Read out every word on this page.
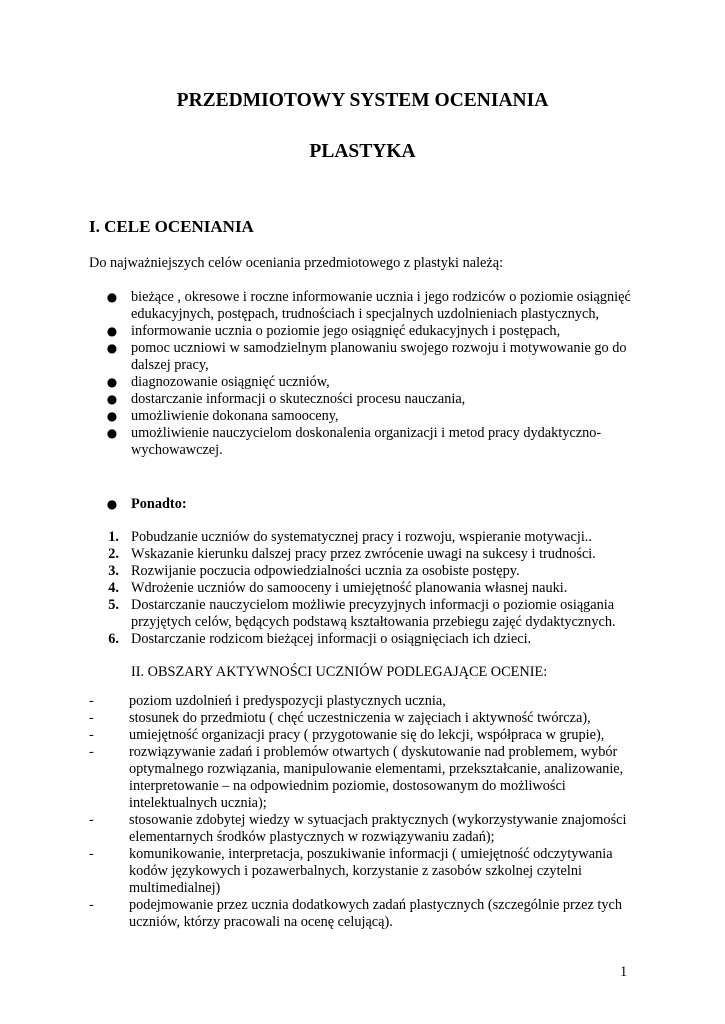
PRZEDMIOTOWY SYSTEM OCENIANIA
PLASTYKA
I. CELE OCENIANIA
Do najważniejszych celów oceniania przedmiotowego z plastyki należą:
● bieżące , okresowe i roczne informowanie ucznia i jego rodziców o poziomie osiągnięć edukacyjnych, postępach, trudnościach i specjalnych uzdolnieniach plastycznych,
● informowanie ucznia o poziomie jego osiągnięć edukacyjnych i postępach,
● pomoc uczniowi w samodzielnym planowaniu swojego rozwoju i motywowanie go do dalszej pracy,
● diagnozowanie osiągnięć uczniów,
● dostarczanie informacji o skuteczności procesu nauczania,
● umożliwienie dokonana samooceny,
● umożliwienie nauczycielom doskonalenia organizacji i metod pracy dydaktyczno-wychowawczej.
● Ponadto:
1. Pobudzanie uczniów do systematycznej pracy i rozwoju, wspieranie motywacji..
2. Wskazanie kierunku dalszej pracy przez zwrócenie uwagi na sukcesy i trudności.
3. Rozwijanie poczucia odpowiedzialności ucznia za osobiste postępy.
4. Wdrożenie uczniów do samooceny i umiejętność planowania własnej nauki.
5. Dostarczanie nauczycielom możliwie precyzyjnych informacji o poziomie osiągania przyjętych celów, będących podstawą kształtowania przebiegu zajęć dydaktycznych.
6. Dostarczanie rodzicom bieżącej informacji o osiągnięciach ich dzieci.
II. OBSZARY AKTYWNOŚCI UCZNIÓW PODLEGAJĄCE OCENIE:
- poziom uzdolnień i predyspozycji plastycznych ucznia,
- stosunek do przedmiotu ( chęć uczestniczenia w zajęciach i aktywność twórcza),
- umiejętność organizacji pracy ( przygotowanie się do lekcji, współpraca w grupie),
- rozwiązywanie zadań i problemów otwartych ( dyskutowanie nad problemem, wybór optymalnego rozwiązania, manipulowanie elementami, przekształcanie, analizowanie, interpretowanie – na odpowiednim poziomie, dostosowanym do możliwości intelektualnych ucznia);
- stosowanie zdobytej wiedzy w sytuacjach praktycznych (wykorzystywanie znajomości elementarnych środków plastycznych w rozwiązywaniu zadań);
- komunikowanie, interpretacja, poszukiwanie informacji ( umiejętność odczytywania kodów językowych i pozawerbalnych, korzystanie z zasobów szkolnej czytelni multimedialnej)
- podejmowanie przez ucznia dodatkowych zadań plastycznych (szczególnie przez tych uczniów, którzy pracowali na ocenę celującą).
1
